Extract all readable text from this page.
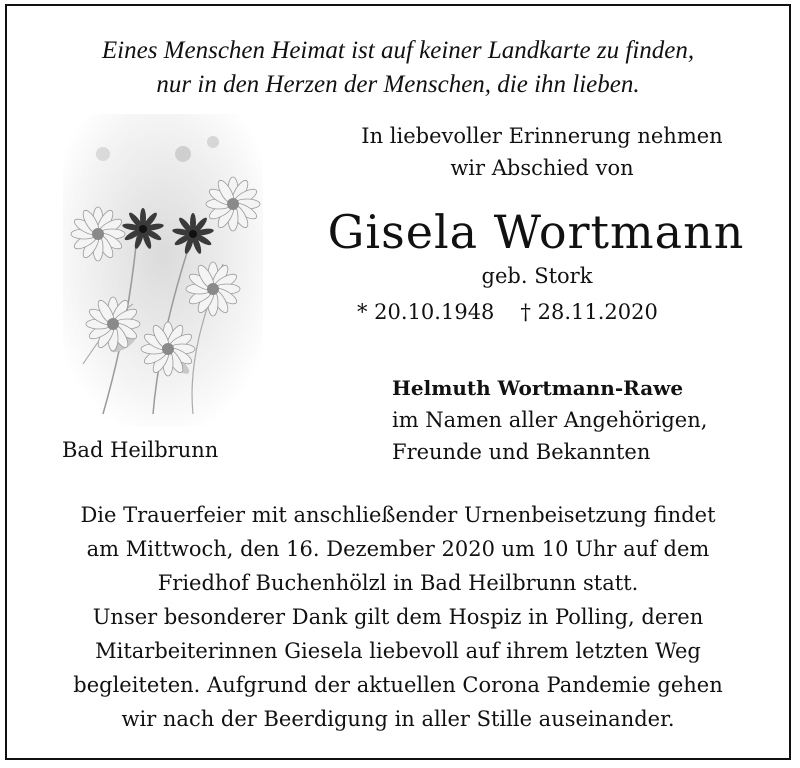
Eines Menschen Heimat ist auf keiner Landkarte zu finden,
nur in den Herzen der Menschen, die ihn lieben.
Bad Heilbrunn
In liebevoller Erinnerung nehmen
wir Abschied von
Gisela Wortmann
geb. Stork
* 20.10.1948 † 28.11.2020
Helmuth Wortmann-Rawe
im Namen aller Angehörigen,
Freunde und Bekannten
Die Trauerfeier mit anschließender Urnenbeisetzung findet
am Mittwoch, den 16. Dezember 2020 um 10 Uhr auf dem
Friedhof Buchenhölzl in Bad Heilbrunn statt.
Unser besonderer Dank gilt dem Hospiz in Polling, deren
Mitarbeiterinnen Giesela liebevoll auf ihrem letzten Weg
begleiteten. Aufgrund der aktuellen Corona Pandemie gehen
wir nach der Beerdigung in aller Stille auseinander.
